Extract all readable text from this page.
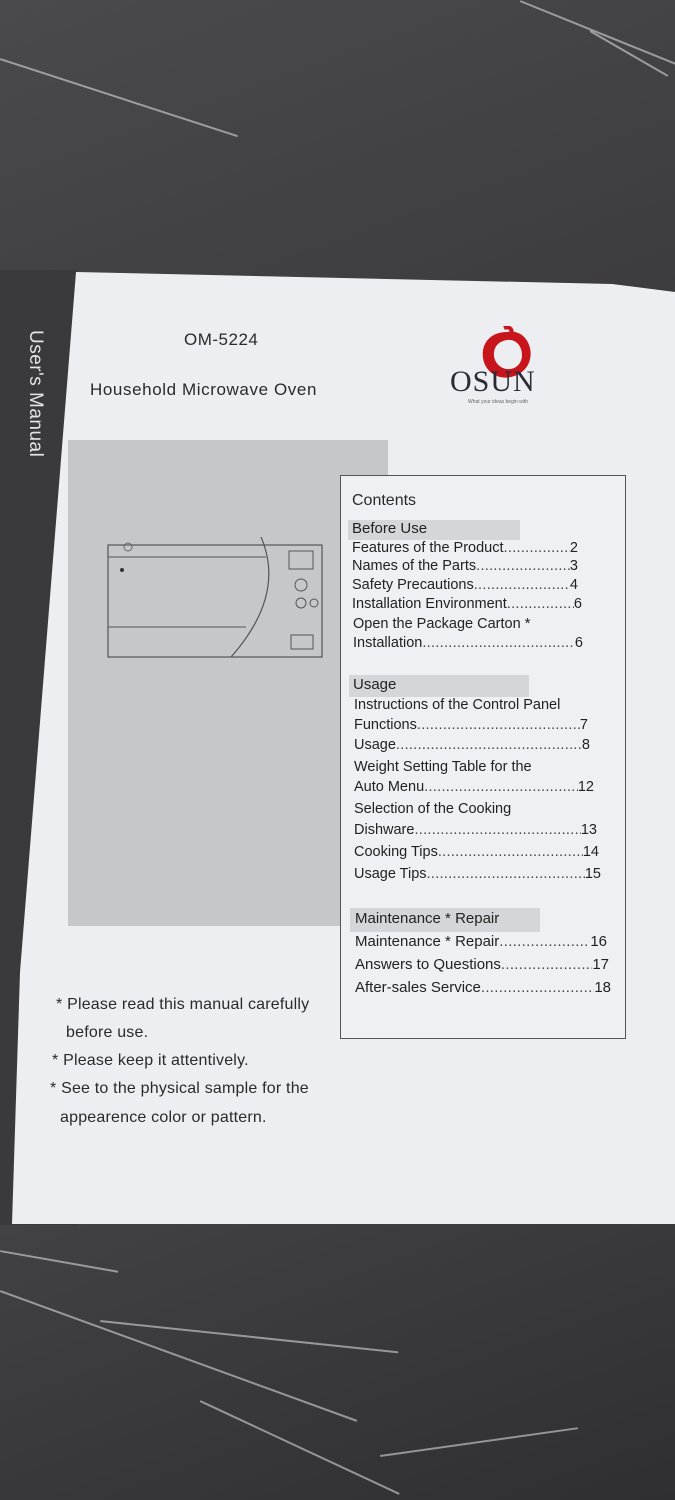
User's Manual	OM-5224
Household Microwave Oven	OSUN
What your ideas begin with
Contents
Before Use
Features of the Product .....	2
Names of the Parts .....	3
Safety Precautions .....	4
Installation Environment .....	6
Open the Package Carton *
Installation .....	6
Usage
Instructions of the Control Panel
Functions .....	7
Usage .....	8
Weight Setting Table for the
Auto Menu .....	12
Selection of the Cooking
Dishware .....	13
Cooking Tips .....	14
Usage Tips .....	15
Maintenance * Repair
Maintenance * Repair .....	16
Answers to Questions .....	17
After-sales Service .....	18
* Please read this manual carefully
before use.
* Please keep it attentively.
* See to the physical sample for the
appearence color or pattern.
